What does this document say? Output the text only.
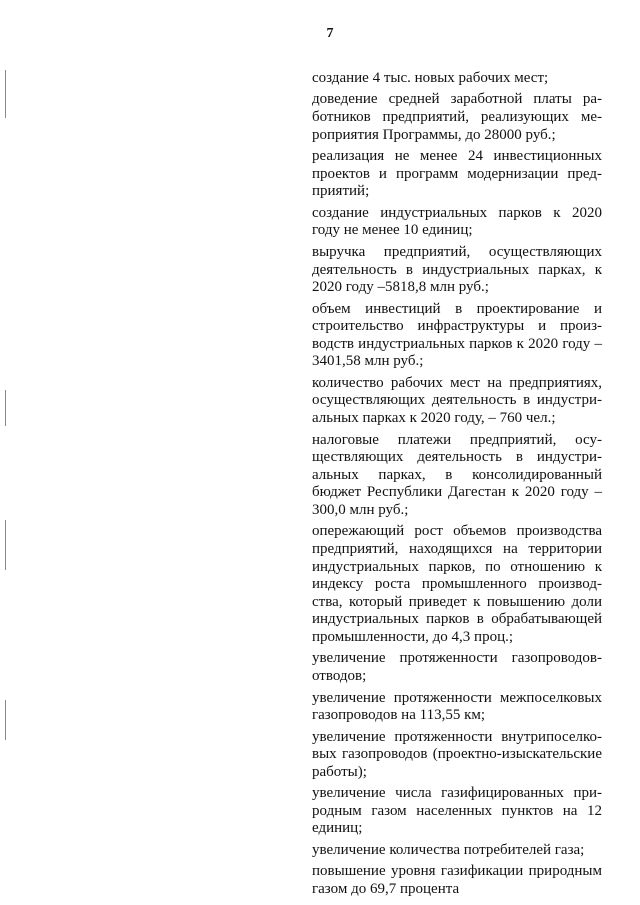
7

создание 4 тыс. новых рабочих мест;

доведение средней заработной платы работников предприятий, реализующих мероприятия Программы, до 28000 руб.;

реализация не менее 24 инвестиционных проектов и программ модернизации предприятий;

создание индустриальных парков к 2020 году не менее 10 единиц;

выручка предприятий, осуществляющих деятельность в индустриальных парках, к 2020 году –5818,8 млн руб.;

объем инвестиций в проектирование и строительство инфраструктуры и производств индустриальных парков к 2020 году – 3401,58 млн руб.;

количество рабочих мест на предприятиях, осуществляющих деятельность в индустриальных парках к 2020 году, – 760 чел.;

налоговые платежи предприятий, осуществляющих деятельность в индустриальных парках, в консолидированный бюджет Республики Дагестан к 2020 году – 300,0 млн руб.;

опережающий рост объемов производства предприятий, находящихся на территории индустриальных парков, по отношению к индексу роста промышленного производства, который приведет к повышению доли индустриальных парков в обрабатывающей промышленности, до 4,3 проц.;

увеличение протяженности газопроводов-отводов;

увеличение протяженности межпоселковых газопроводов на 113,55 км;

увеличение протяженности внутрипоселковых газопроводов (проектно-изыскательские работы);

увеличение числа газифицированных природным газом населенных пунктов на 12 единиц;

увеличение количества потребителей газа;

повышение уровня газификации природным газом до 69,7 процента
